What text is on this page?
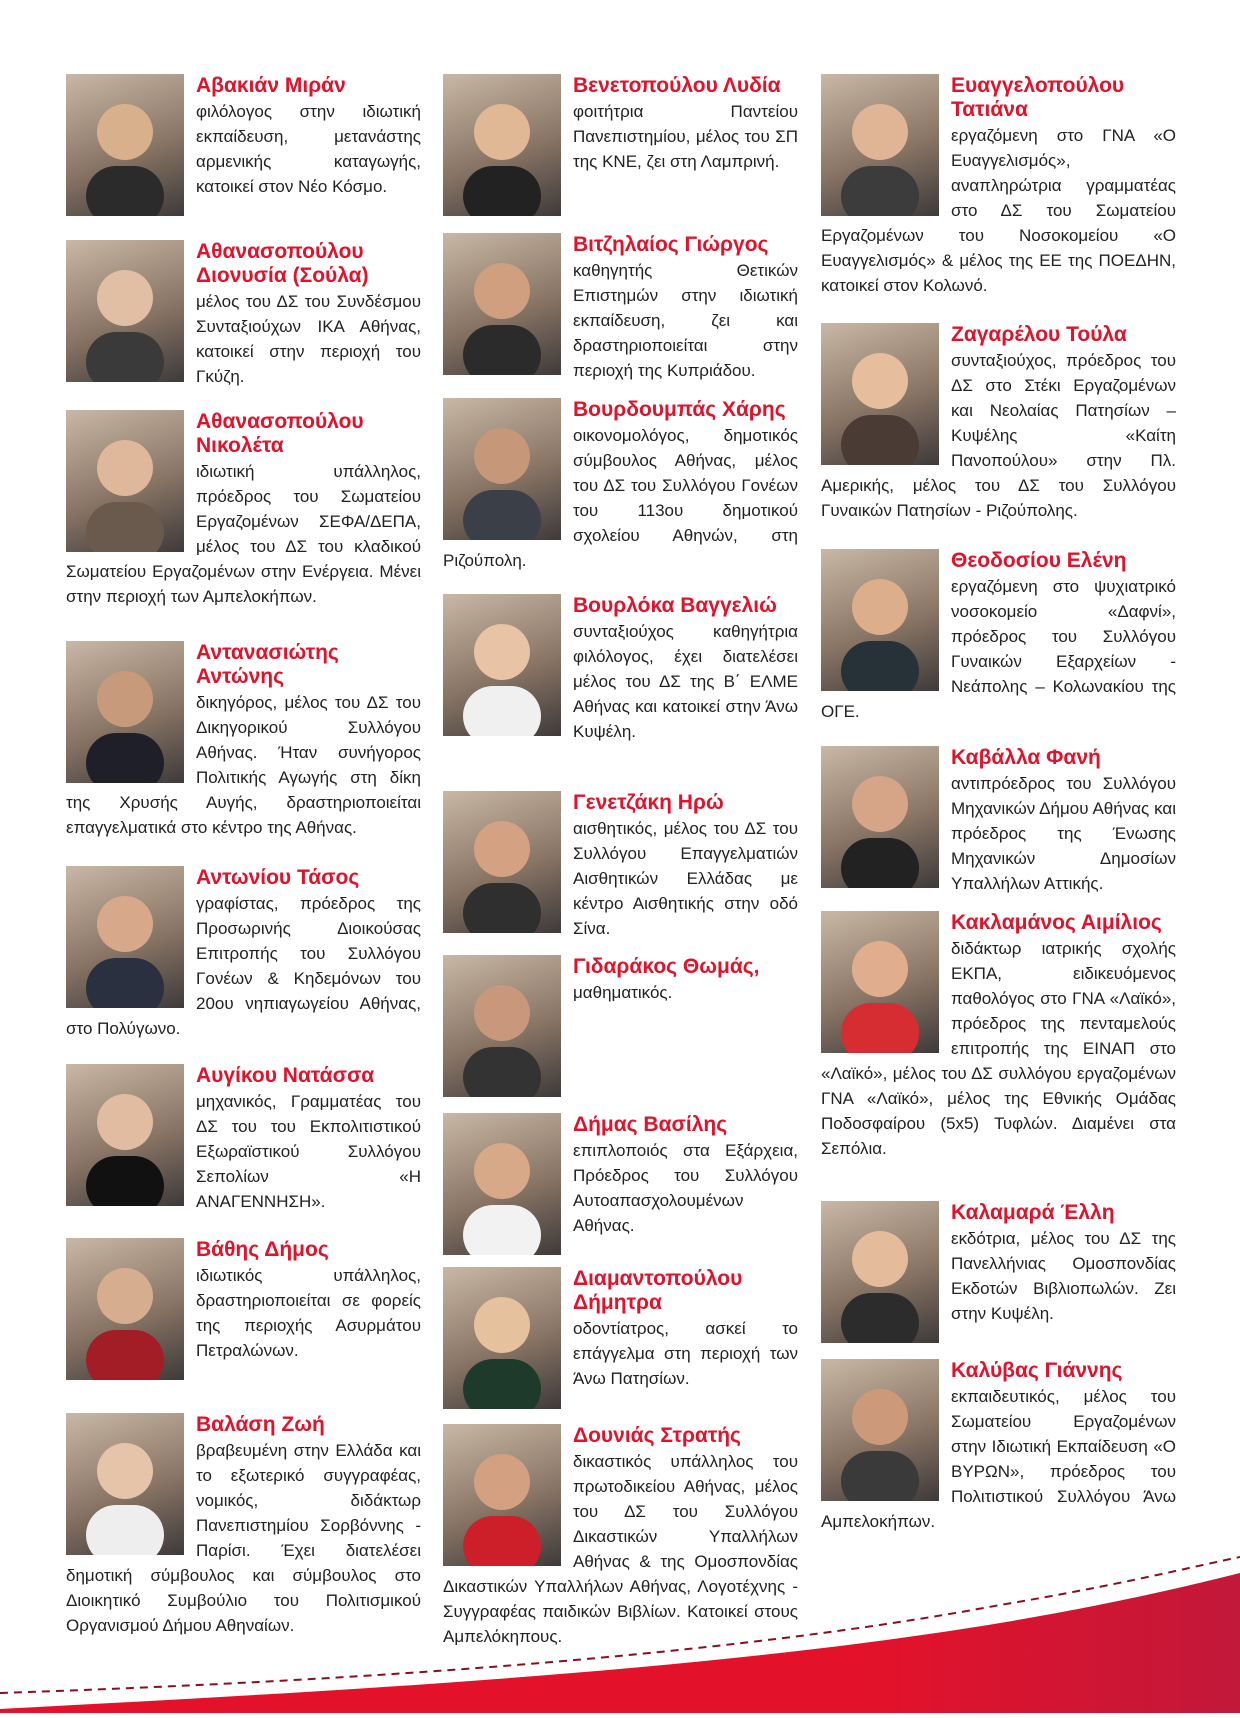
Αβακιάν Μιράν
φιλόλογος στην ιδιωτική εκπαίδευση, μετανάστης αρμενικής καταγωγής, κατοικεί στον Νέο Κόσμο.
Αθανασοπούλου Διονυσία (Σούλα)
μέλος του ΔΣ του Συνδέσμου Συνταξιούχων ΙΚΑ Αθήνας, κατοικεί στην περιοχή του Γκύζη.
Αθανασοπούλου Νικολέτα
ιδιωτική υπάλληλος, πρόεδρος του Σωματείου Εργαζομένων ΣΕΦΑ/ΔΕΠΑ, μέλος του ΔΣ του κλαδικού Σωματείου Εργαζομένων στην Ενέργεια. Μένει στην περιοχή των Αμπελοκήπων.
Αντανασιώτης Αντώνης
δικηγόρος, μέλος του ΔΣ του Δικηγορικού Συλλόγου Αθήνας. Ήταν συνήγορος Πολιτικής Αγωγής στη δίκη της Χρυσής Αυγής, δραστηριοποιείται επαγγελματικά στο κέντρο της Αθήνας.
Αντωνίου Τάσος
γραφίστας, πρόεδρος της Προσωρινής Διοικούσας Επιτροπής του Συλλόγου Γονέων & Κηδεμόνων του 20ου νηπιαγωγείου Αθήνας, στο Πολύγωνο.
Αυγίκου Νατάσσα
μηχανικός, Γραμματέας του ΔΣ του του Εκπολιτιστικού Εξωραϊστικού Συλλόγου Σεπολίων «Η ΑΝΑΓΕΝΝΗΣΗ».
Βάθης Δήμος
ιδιωτικός υπάλληλος, δραστηριοποιείται σε φορείς της περιοχής Ασυρμάτου Πετραλώνων.
Βαλάση Ζωή
βραβευμένη στην Ελλάδα και το εξωτερικό συγγραφέας, νομικός, διδάκτωρ Πανεπιστημίου Σορβόννης - Παρίσι. Έχει διατελέσει δημοτική σύμβουλος και σύμβουλος στο Διοικητικό Συμβούλιο του Πολιτισμικού Οργανισμού Δήμου Αθηναίων.
Βενετοπούλου Λυδία
φοιτήτρια Παντείου Πανεπιστημίου, μέλος του ΣΠ της ΚΝΕ, ζει στη Λαμπρινή.
Βιτζηλαίος Γιώργος
καθηγητής Θετικών Επιστημών στην ιδιωτική εκπαίδευση, ζει και δραστηριοποιείται στην περιοχή της Κυπριάδου.
Βουρδουμπάς Χάρης
οικονομολόγος, δημοτικός σύμβουλος Αθήνας, μέλος του ΔΣ του Συλλόγου Γονέων του 113ου δημοτικού σχολείου Αθηνών, στη Ριζούπολη.
Βουρλόκα Βαγγελιώ
συνταξιούχος καθηγήτρια φιλόλογος, έχει διατελέσει μέλος του ΔΣ της Β΄ ΕΛΜΕ Αθήνας και κατοικεί στην Άνω Κυψέλη.
Γενετζάκη Ηρώ
αισθητικός, μέλος του ΔΣ του Συλλόγου Επαγγελματιών Αισθητικών Ελλάδας με κέντρο Αισθητικής στην οδό Σίνα.
Γιδαράκος Θωμάς,
μαθηματικός.
Δήμας Βασίλης
επιπλοποιός στα Εξάρχεια, Πρόεδρος του Συλλόγου Αυτοαπασχολουμένων Αθήνας.
Διαμαντοπούλου Δήμητρα
οδοντίατρος, ασκεί το επάγγελμα στη περιοχή των Άνω Πατησίων.
Δουνιάς Στρατής
δικαστικός υπάλληλος του πρωτοδικείου Αθήνας, μέλος του ΔΣ του Συλλόγου Δικαστικών Υπαλλήλων Αθήνας & της Ομοσπονδίας Δικαστικών Υπαλλήλων Αθήνας, Λογοτέχνης - Συγγραφέας παιδικών Βιβλίων. Κατοικεί στους Αμπελόκηπους.
Ευαγγελοπούλου Τατιάνα
εργαζόμενη στο ΓΝΑ «Ο Ευαγγελισμός», αναπληρώτρια γραμματέας στο ΔΣ του Σωματείου Εργαζομένων του Νοσοκομείου «Ο Ευαγγελισμός» & μέλος της ΕΕ της ΠΟΕΔΗΝ, κατοικεί στον Κολωνό.
Ζαγαρέλου Τούλα
συνταξιούχος, πρόεδρος του ΔΣ στο Στέκι Εργαζομένων και Νεολαίας Πατησίων – Κυψέλης «Καίτη Πανοπούλου» στην Πλ. Αμερικής, μέλος του ΔΣ του Συλλόγου Γυναικών Πατησίων - Ριζούπολης.
Θεοδοσίου Ελένη
εργαζόμενη στο ψυχιατρικό νοσοκομείο «Δαφνί», πρόεδρος του Συλλόγου Γυναικών Εξαρχείων - Νεάπολης – Κολωνακίου της ΟΓΕ.
Καβάλλα Φανή
αντιπρόεδρος του Συλλόγου Μηχανικών Δήμου Αθήνας και πρόεδρος της Ένωσης Μηχανικών Δημοσίων Υπαλλήλων Αττικής.
Κακλαμάνος Αιμίλιος
διδάκτωρ ιατρικής σχολής ΕΚΠΑ, ειδικευόμενος παθολόγος στο ΓΝΑ «Λαϊκό», πρόεδρος της πενταμελούς επιτροπής της ΕΙΝΑΠ στο «Λαϊκό», μέλος του ΔΣ συλλόγου εργαζομένων ΓΝΑ «Λαϊκό», μέλος της Εθνικής Ομάδας Ποδοσφαίρου (5x5) Τυφλών. Διαμένει στα Σεπόλια.
Καλαμαρά Έλλη
εκδότρια, μέλος του ΔΣ της Πανελλήνιας Ομοσπονδίας Εκδοτών Βιβλιοπωλών. Ζει στην Κυψέλη.
Καλύβας Γιάννης
εκπαιδευτικός, μέλος του Σωματείου Εργαζομένων στην Ιδιωτική Εκπαίδευση «Ο ΒΥΡΩΝ», πρόεδρος του Πολιτιστικού Συλλόγου Άνω Αμπελοκήπων.
